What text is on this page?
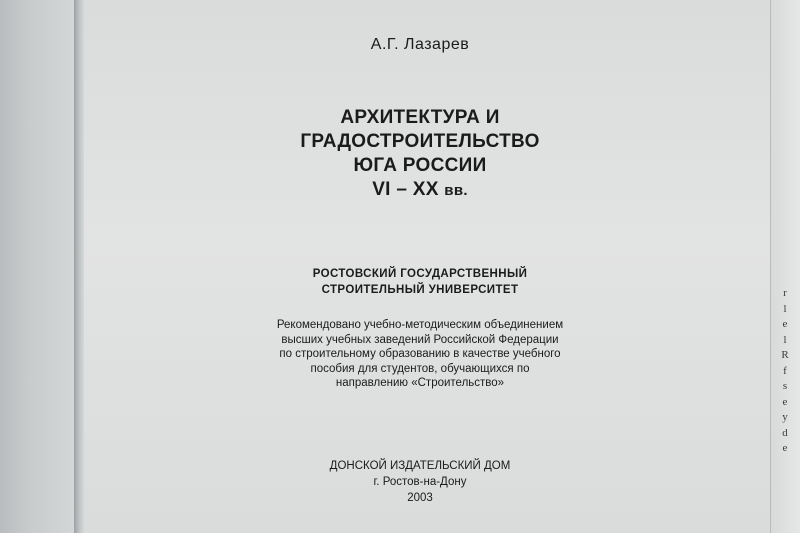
r
l
e
l
R
f
s
e
y
d
e
А.Г. Лазарев
АРХИТЕКТУРА И
ГРАДОСТРОИТЕЛЬСТВО
ЮГА РОССИИ
VI – XX вв.
РОСТОВСКИЙ ГОСУДАРСТВЕННЫЙ
СТРОИТЕЛЬНЫЙ УНИВЕРСИТЕТ
Рекомендовано учебно-методическим объединением
высших учебных заведений Российской Федерации
по строительному образованию в качестве учебного
пособия для студентов, обучающихся по
направлению «Строительство»
ДОНСКОЙ ИЗДАТЕЛЬСКИЙ ДОМ
г. Ростов-на-Дону
2003
